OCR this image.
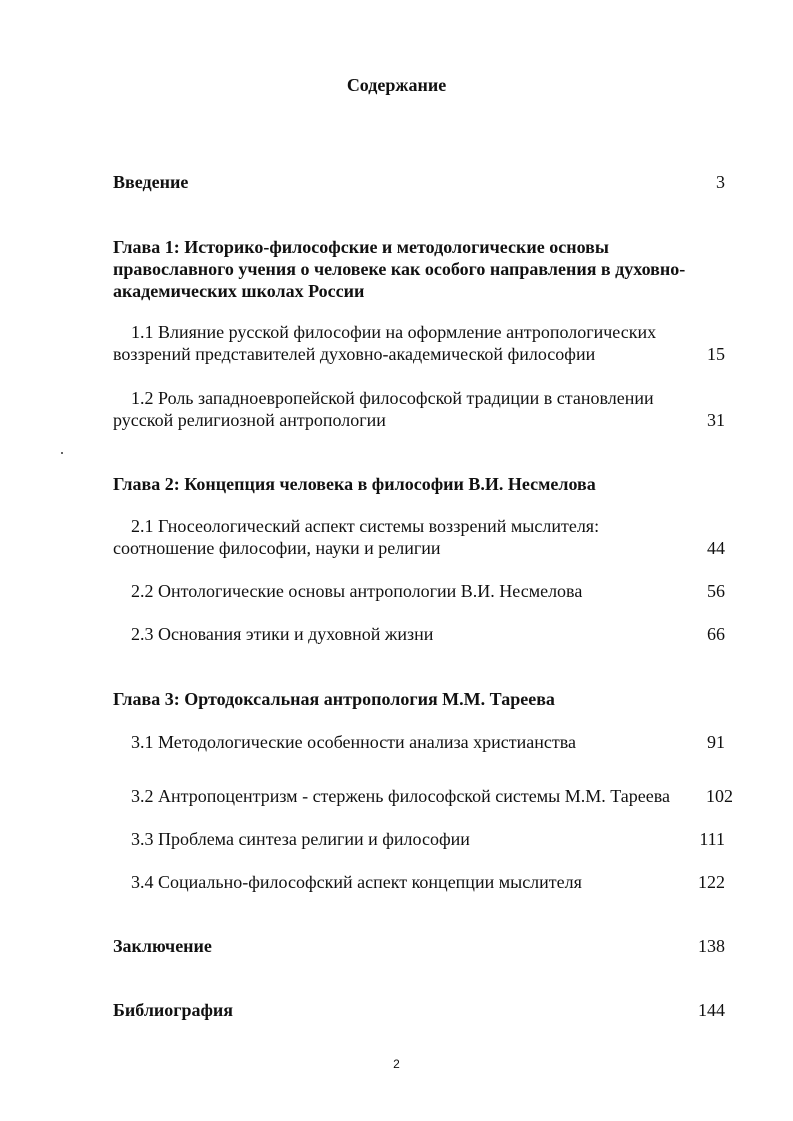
Содержание
Введение	3
Глава 1: Историко-философские и методологические основы православного учения о человеке как особого направления в духовно-академических школах России
1.1 Влияние русской философии на оформление антропологических воззрений представителей духовно-академической философии	15
1.2 Роль западноевропейской философской традиции в становлении русской религиозной антропологии	31
Глава 2: Концепция человека в философии В.И. Несмелова
2.1 Гносеологический аспект системы воззрений мыслителя: соотношение философии, науки и религии	44
2.2 Онтологические основы антропологии В.И. Несмелова	56
2.3 Основания этики и духовной жизни	66
Глава 3: Ортодоксальная антропология М.М. Тареева
3.1 Методологические особенности анализа христианства	91
3.2 Антропоцентризм - стержень философской системы М.М. Тареева	102
3.3 Проблема синтеза религии и философии	111
3.4 Социально-философский аспект концепции мыслителя	122
Заключение	138
Библиография	144
2
